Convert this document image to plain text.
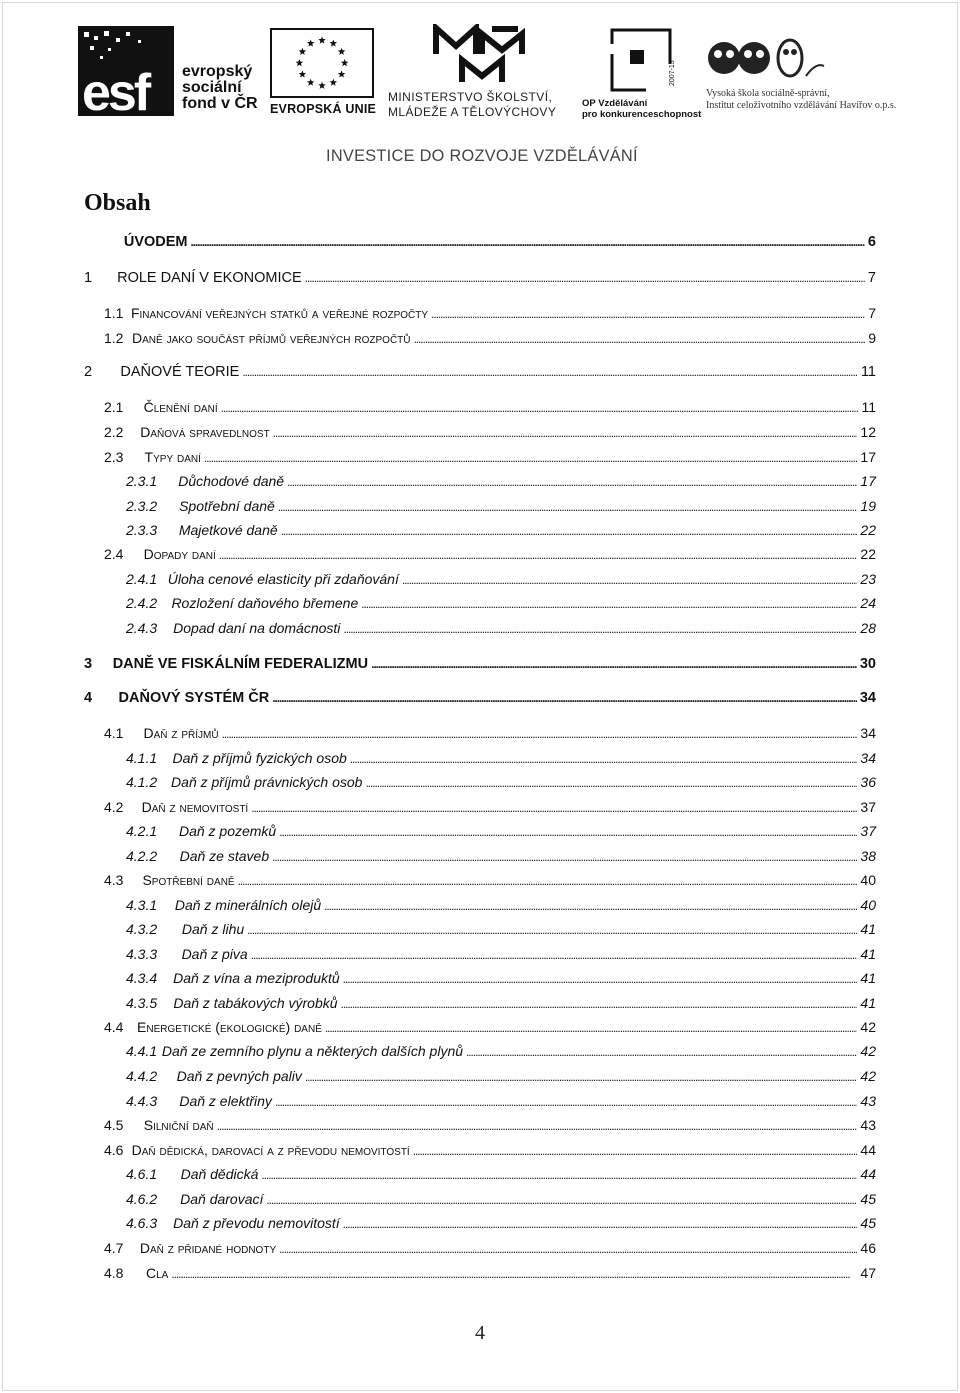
esf evropský
sociální
fond v ČR EVROPSKÁ UNIE
MINISTERSTVO ŠKOLSTVÍ,
MLÁDEŽE A TĚLOVÝCHOVY
2007-13
OP Vzdělávání
pro konkurenceschopnost
Vysoká škola sociálně-správní,
Institut celoživotního vzdělávání Havířov o.p.s.
INVESTICE DO ROZVOJE VZDĚLÁVÁNÍ
Obsah
ÚVODEM . . .	6
1	ROLE DANÍ V EKONOMICE . . .	7
1.1 Financování veřejných statků a veřejné rozpočty . . .	7
1.2 Daně jako součást příjmů veřejných rozpočtů . . .	9
2	DAŇOVÉ TEORIE . . .	11
2.1	Členění daní . . .	11
2.2	Daňová spravedlnost . . .	12
2.3	Typy daní . . .	17
2.3.1	Důchodové daně . . .	17
2.3.2	Spotřební daně . . .	19
2.3.3	Majetkové daně . . .	22
2.4	Dopady daní . . .	22
2.4.1 Úloha cenové elasticity při zdaňování . . .	23
2.4.2	Rozložení daňového břemene . . .	24
2.4.3	Dopad daní na domácnosti . . .	28
3	DANĚ VE FISKÁLNÍM FEDERALIZMU . . .	30
4	DAŇOVÝ SYSTÉM ČR . . .	34
4.1	Daň z příjmů . . .	34
4.1.1	Daň z příjmů fyzických osob . . .	34
4.1.2 Daň z příjmů právnických osob . . .	36
4.2	Daň z nemovitostí . . .	37
4.2.1	Daň z pozemků . . .	37
4.2.2	Daň ze staveb . . .	38
4.3	Spotřební daně . . .	40
4.3.1	Daň z minerálních olejů . . .	40
4.3.2	Daň z lihu . . .	41
4.3.3	Daň z piva . . .	41
4.3.4	Daň z vína a meziproduktů . . .	41
4.3.5	Daň z tabákových výrobků . . .	41
4.4 Energetické (ekologické) daně . . .	42
4.4.1 Daň ze zemního plynu a některých dalších plynů . . .	42
4.4.2	Daň z pevných paliv . . .	42
4.4.3	Daň z elektřiny . . .	43
4.5	Silniční daň . . .	43
4.6 Daň dědická, darovací a z převodu nemovitostí . . .	44
4.6.1	Daň dědická . . .	44
4.6.2	Daň darovací . . .	45
4.6.3	Daň z převodu nemovitostí . . .	45
4.7	Daň z přidané hodnoty . . .	46
4.8	Cla . . .	47
4
